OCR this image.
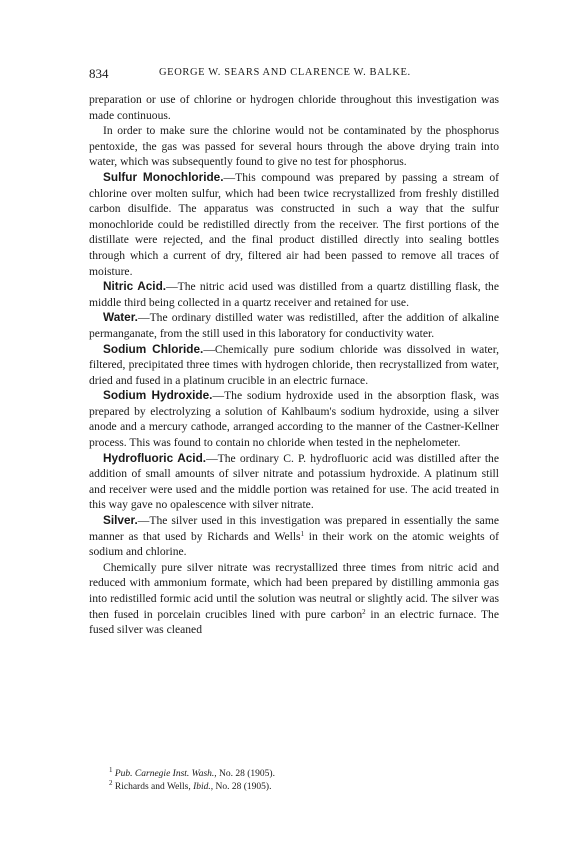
834	GEORGE W. SEARS AND CLARENCE W. BALKE.

preparation or use of chlorine or hydrogen chloride throughout this investigation was made continuous.

In order to make sure the chlorine would not be contaminated by the phosphorus pentoxide, the gas was passed for several hours through the above drying train into water, which was subsequently found to give no test for phosphorus.

Sulfur Monochloride.—This compound was prepared by passing a stream of chlorine over molten sulfur, which had been twice recrystallized from freshly distilled carbon disulfide. The apparatus was constructed in such a way that the sulfur monochloride could be redistilled directly from the receiver. The first portions of the distillate were rejected, and the final product distilled directly into sealing bottles through which a current of dry, filtered air had been passed to remove all traces of moisture.

Nitric Acid.—The nitric acid used was distilled from a quartz distilling flask, the middle third being collected in a quartz receiver and retained for use.

Water.—The ordinary distilled water was redistilled, after the addition of alkaline permanganate, from the still used in this laboratory for conductivity water.

Sodium Chloride.—Chemically pure sodium chloride was dissolved in water, filtered, precipitated three times with hydrogen chloride, then recrystallized from water, dried and fused in a platinum crucible in an electric furnace.

Sodium Hydroxide.—The sodium hydroxide used in the absorption flask, was prepared by electrolyzing a solution of Kahlbaum's sodium hydroxide, using a silver anode and a mercury cathode, arranged according to the manner of the Castner-Kellner process. This was found to contain no chloride when tested in the nephelometer.

Hydrofluoric Acid.—The ordinary C. P. hydrofluoric acid was distilled after the addition of small amounts of silver nitrate and potassium hydroxide. A platinum still and receiver were used and the middle portion was retained for use. The acid treated in this way gave no opalescence with silver nitrate.

Silver.—The silver used in this investigation was prepared in essentially the same manner as that used by Richards and Wells$^1$ in their work on the atomic weights of sodium and chlorine.

Chemically pure silver nitrate was recrystallized three times from nitric acid and reduced with ammonium formate, which had been prepared by distilling ammonia gas into redistilled formic acid until the solution was neutral or slightly acid. The silver was then fused in porcelain crucibles lined with pure carbon$^2$ in an electric furnace. The fused silver was cleaned

$^1$ Pub. Carnegie Inst. Wash., No. 28 (1905).
$^2$ Richards and Wells, Ibid., No. 28 (1905).
